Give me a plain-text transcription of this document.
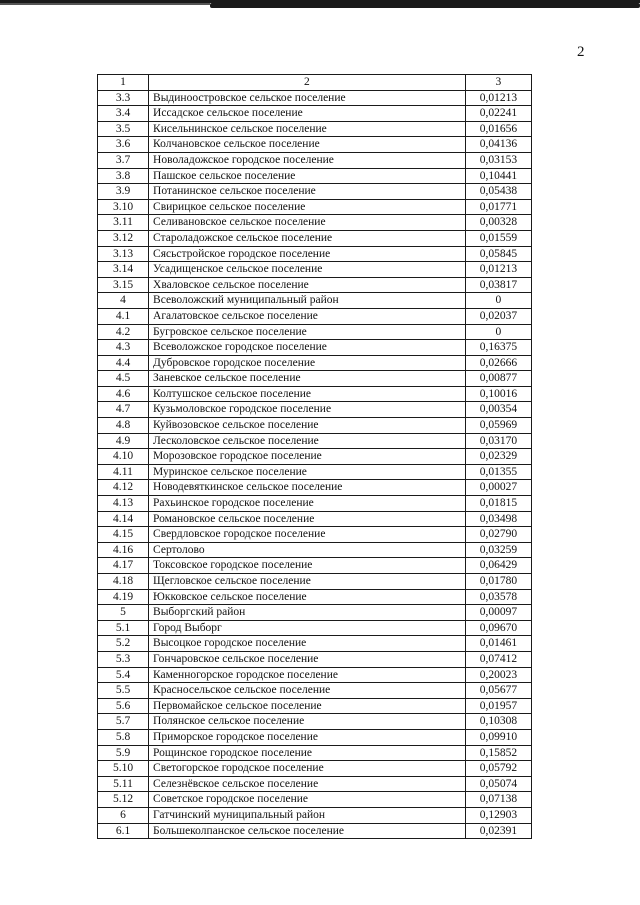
2
1	2	3
3.3	Выдиноостровское сельское поселение	0,01213
3.4	Иссадское сельское поселение	0,02241
3.5	Кисельнинское сельское поселение	0,01656
3.6	Колчановское сельское поселение	0,04136
3.7	Новоладожское городское поселение	0,03153
3.8	Пашское сельское поселение	0,10441
3.9	Потанинское сельское поселение	0,05438
3.10	Свирицкое сельское поселение	0,01771
3.11	Селивановское сельское поселение	0,00328
3.12	Староладожское сельское поселение	0,01559
3.13	Сясьстройское городское поселение	0,05845
3.14	Усадищенское сельское поселение	0,01213
3.15	Хваловское сельское поселение	0,03817
4	Всеволожский муниципальный район	0
4.1	Агалатовское сельское поселение	0,02037
4.2	Бугровское сельское поселение	0
4.3	Всеволожское городское поселение	0,16375
4.4	Дубровское городское поселение	0,02666
4.5	Заневское сельское поселение	0,00877
4.6	Колтушское сельское поселение	0,10016
4.7	Кузьмоловское городское поселение	0,00354
4.8	Куйвозовское сельское поселение	0,05969
4.9	Лесколовское сельское поселение	0,03170
4.10	Морозовское городское поселение	0,02329
4.11	Муринское сельское поселение	0,01355
4.12	Новодевяткинское сельское поселение	0,00027
4.13	Рахьинское городское поселение	0,01815
4.14	Романовское сельское поселение	0,03498
4.15	Свердловское городское поселение	0,02790
4.16	Сертолово	0,03259
4.17	Токсовское городское поселение	0,06429
4.18	Щегловское сельское поселение	0,01780
4.19	Юкковское сельское поселение	0,03578
5	Выборгский район	0,00097
5.1	Город Выборг	0,09670
5.2	Высоцкое городское поселение	0,01461
5.3	Гончаровское сельское поселение	0,07412
5.4	Каменногорское городское поселение	0,20023
5.5	Красносельское сельское поселение	0,05677
5.6	Первомайское сельское поселение	0,01957
5.7	Полянское сельское поселение	0,10308
5.8	Приморское городское поселение	0,09910
5.9	Рощинское городское поселение	0,15852
5.10	Светогорское городское поселение	0,05792
5.11	Селезнёвское сельское поселение	0,05074
5.12	Советское городское поселение	0,07138
6	Гатчинский муниципальный район	0,12903
6.1	Большеколпанское сельское поселение	0,02391
